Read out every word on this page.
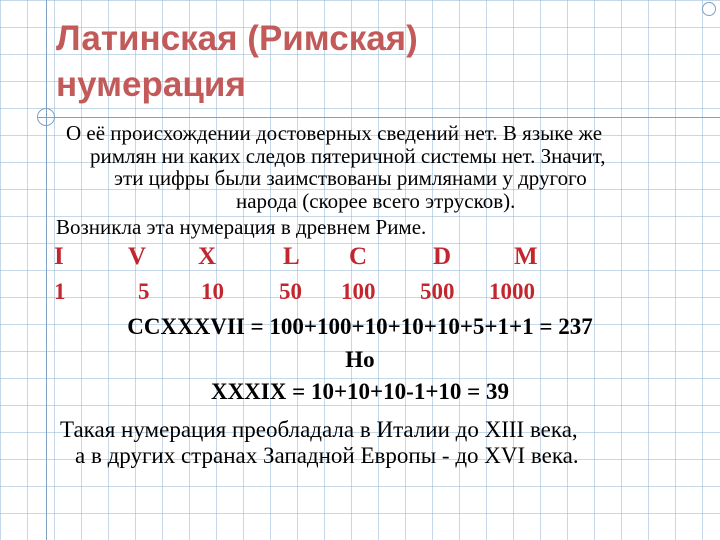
Латинская (Римская)
нумерация
О её происхождении достоверных сведений нет. В языке же
римлян ни каких следов пятеричной системы нет. Значит,
эти цифры были заимствованы римлянами у другого
народа (скорее всего этрусков).
Возникла эта нумерация в древнем Риме.
I	V X	L C	D	M
1	5 10 50 100 500 1000
CCXXXVII = 100+100+10+10+10+5+1+1 = 237
Но
XXXIX = 10+10+10-1+10 = 39
Такая нумерация преобладала в Италии до XIII века,
а в других странах Западной Европы - до XVI века.
